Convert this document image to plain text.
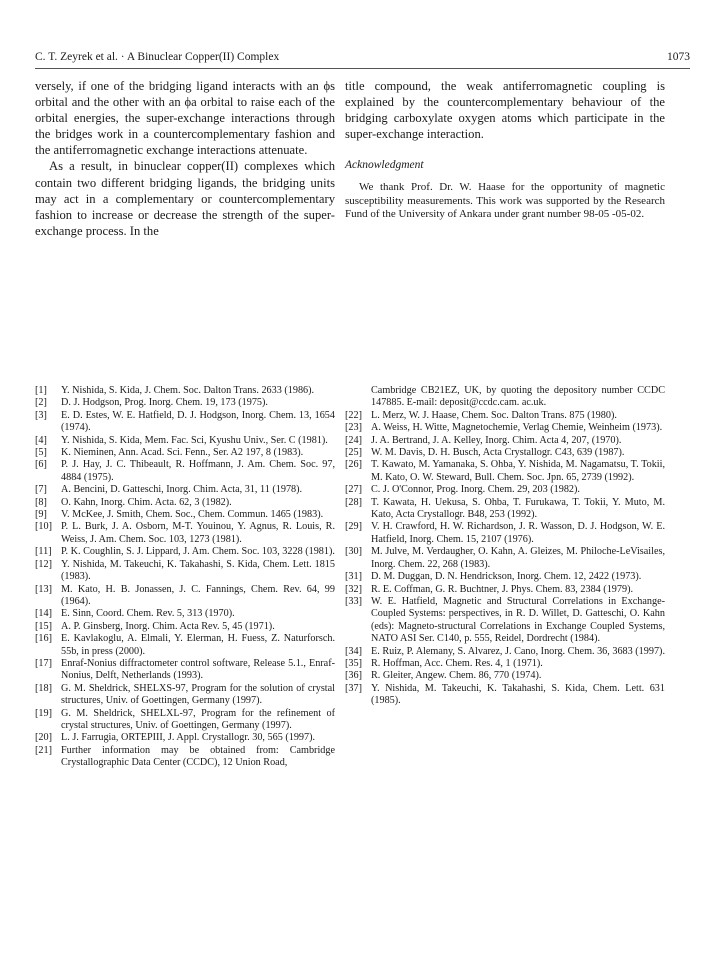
C. T. Zeyrek et al. · A Binuclear Copper(II) Complex	1073

versely, if one of the bridging ligand interacts with an ϕs orbital and the other with an ϕa orbital to raise each of the orbital energies, the super-exchange interactions through the bridges work in a countercomplementary fashion and the antiferromagnetic exchange interactions attenuate.

As a result, in binuclear copper(II) complexes which contain two different bridging ligands, the bridging units may act in a complementary or countercomplementary fashion to increase or decrease the strength of the super-exchange process. In the

title compound, the weak antiferromagnetic coupling is explained by the countercomplementary behaviour of the bridging carboxylate oxygen atoms which participate in the super-exchange interaction.

Acknowledgment

We thank Prof. Dr. W. Haase for the opportunity of magnetic susceptibility measurements. This work was supported by the Research Fund of the University of Ankara under grant number 98-05 -05-02.

[1]	Y. Nishida, S. Kida, J. Chem. Soc. Dalton Trans. 2633 (1986).

[2]	D. J. Hodgson, Prog. Inorg. Chem. 19, 173 (1975).

[3]	E. D. Estes, W. E. Hatfield, D. J. Hodgson, Inorg. Chem. 13, 1654 (1974).

[4]	Y. Nishida, S. Kida, Mem. Fac. Sci, Kyushu Univ., Ser. C (1981).

[5]	K. Nieminen, Ann. Acad. Sci. Fenn., Ser. A2 197, 8 (1983).

[6]	P. J. Hay, J. C. Thibeault, R. Hoffmann, J. Am. Chem. Soc. 97, 4884 (1975).

[7]	A. Bencini, D. Gatteschi, Inorg. Chim. Acta, 31, 11 (1978).

[8]	O. Kahn, Inorg. Chim. Acta. 62, 3 (1982).

[9]	V. McKee, J. Smith, Chem. Soc., Chem. Commun. 1465 (1983).

[10] P. L. Burk, J. A. Osborn, M-T. Youinou, Y. Agnus, R. Louis, R. Weiss, J. Am. Chem. Soc. 103, 1273 (1981).

[11] P. K. Coughlin, S. J. Lippard, J. Am. Chem. Soc. 103, 3228 (1981).

[12] Y. Nishida, M. Takeuchi, K. Takahashi, S. Kida, Chem. Lett. 1815 (1983).

[13] M. Kato, H. B. Jonassen, J. C. Fannings, Chem. Rev. 64, 99 (1964).

[14] E. Sinn, Coord. Chem. Rev. 5, 313 (1970).

[15] A. P. Ginsberg, Inorg. Chim. Acta Rev. 5, 45 (1971).

[16] E. Kavlakoglu, A. Elmali, Y. Elerman, H. Fuess, Z. Naturforsch. 55b, in press (2000).

[17] Enraf-Nonius diffractometer control software, Release 5.1., Enraf-Nonius, Delft, Netherlands (1993).

[18] G. M. Sheldrick, SHELXS-97, Program for the solution of crystal structures, Univ. of Goettingen, Germany (1997).

[19] G. M. Sheldrick, SHELXL-97, Program for the refinement of crystal structures, Univ. of Goettingen, Germany (1997).

[20] L. J. Farrugia, ORTEPIII, J. Appl. Crystallogr. 30, 565 (1997).

[21] Further information may be obtained from: Cambridge Crystallographic Data Center (CCDC), 12 Union Road,

Cambridge CB21EZ, UK, by quoting the depository number CCDC 147885. E-mail: deposit@ccdc.cam. ac.uk.

[22] L. Merz, W. J. Haase, Chem. Soc. Dalton Trans. 875 (1980).

[23] A. Weiss, H. Witte, Magnetochemie, Verlag Chemie, Weinheim (1973).

[24] J. A. Bertrand, J. A. Kelley, Inorg. Chim. Acta 4, 207, (1970).

[25] W. M. Davis, D. H. Busch, Acta Crystallogr. C43, 639 (1987).

[26] T. Kawato, M. Yamanaka, S. Ohba, Y. Nishida, M. Nagamatsu, T. Tokii, M. Kato, O. W. Steward, Bull. Chem. Soc. Jpn. 65, 2739 (1992).

[27] C. J. O'Connor, Prog. Inorg. Chem. 29, 203 (1982).

[28] T. Kawata, H. Uekusa, S. Ohba, T. Furukawa, T. Tokii, Y. Muto, M. Kato, Acta Crystallogr. B48, 253 (1992).

[29] V. H. Crawford, H. W. Richardson, J. R. Wasson, D. J. Hodgson, W. E. Hatfield, Inorg. Chem. 15, 2107 (1976).

[30] M. Julve, M. Verdaugher, O. Kahn, A. Gleizes, M. Philoche-LeVisailes, Inorg. Chem. 22, 268 (1983).

[31] D. M. Duggan, D. N. Hendrickson, Inorg. Chem. 12, 2422 (1973).

[32] R. E. Coffman, G. R. Buchtner, J. Phys. Chem. 83, 2384 (1979).

[33] W. E. Hatfield, Magnetic and Structural Correlations in Exchange-Coupled Systems: perspectives, in R. D. Willet, D. Gatteschi, O. Kahn (eds): Magneto-structural Correlations in Exchange Coupled Systems, NATO ASI Ser. C140, p. 555, Reidel, Dordrecht (1984).

[34] E. Ruiz, P. Alemany, S. Alvarez, J. Cano, Inorg. Chem. 36, 3683 (1997).

[35] R. Hoffman, Acc. Chem. Res. 4, 1 (1971).

[36] R. Gleiter, Angew. Chem. 86, 770 (1974).

[37] Y. Nishida, M. Takeuchi, K. Takahashi, S. Kida, Chem. Lett. 631 (1985).
